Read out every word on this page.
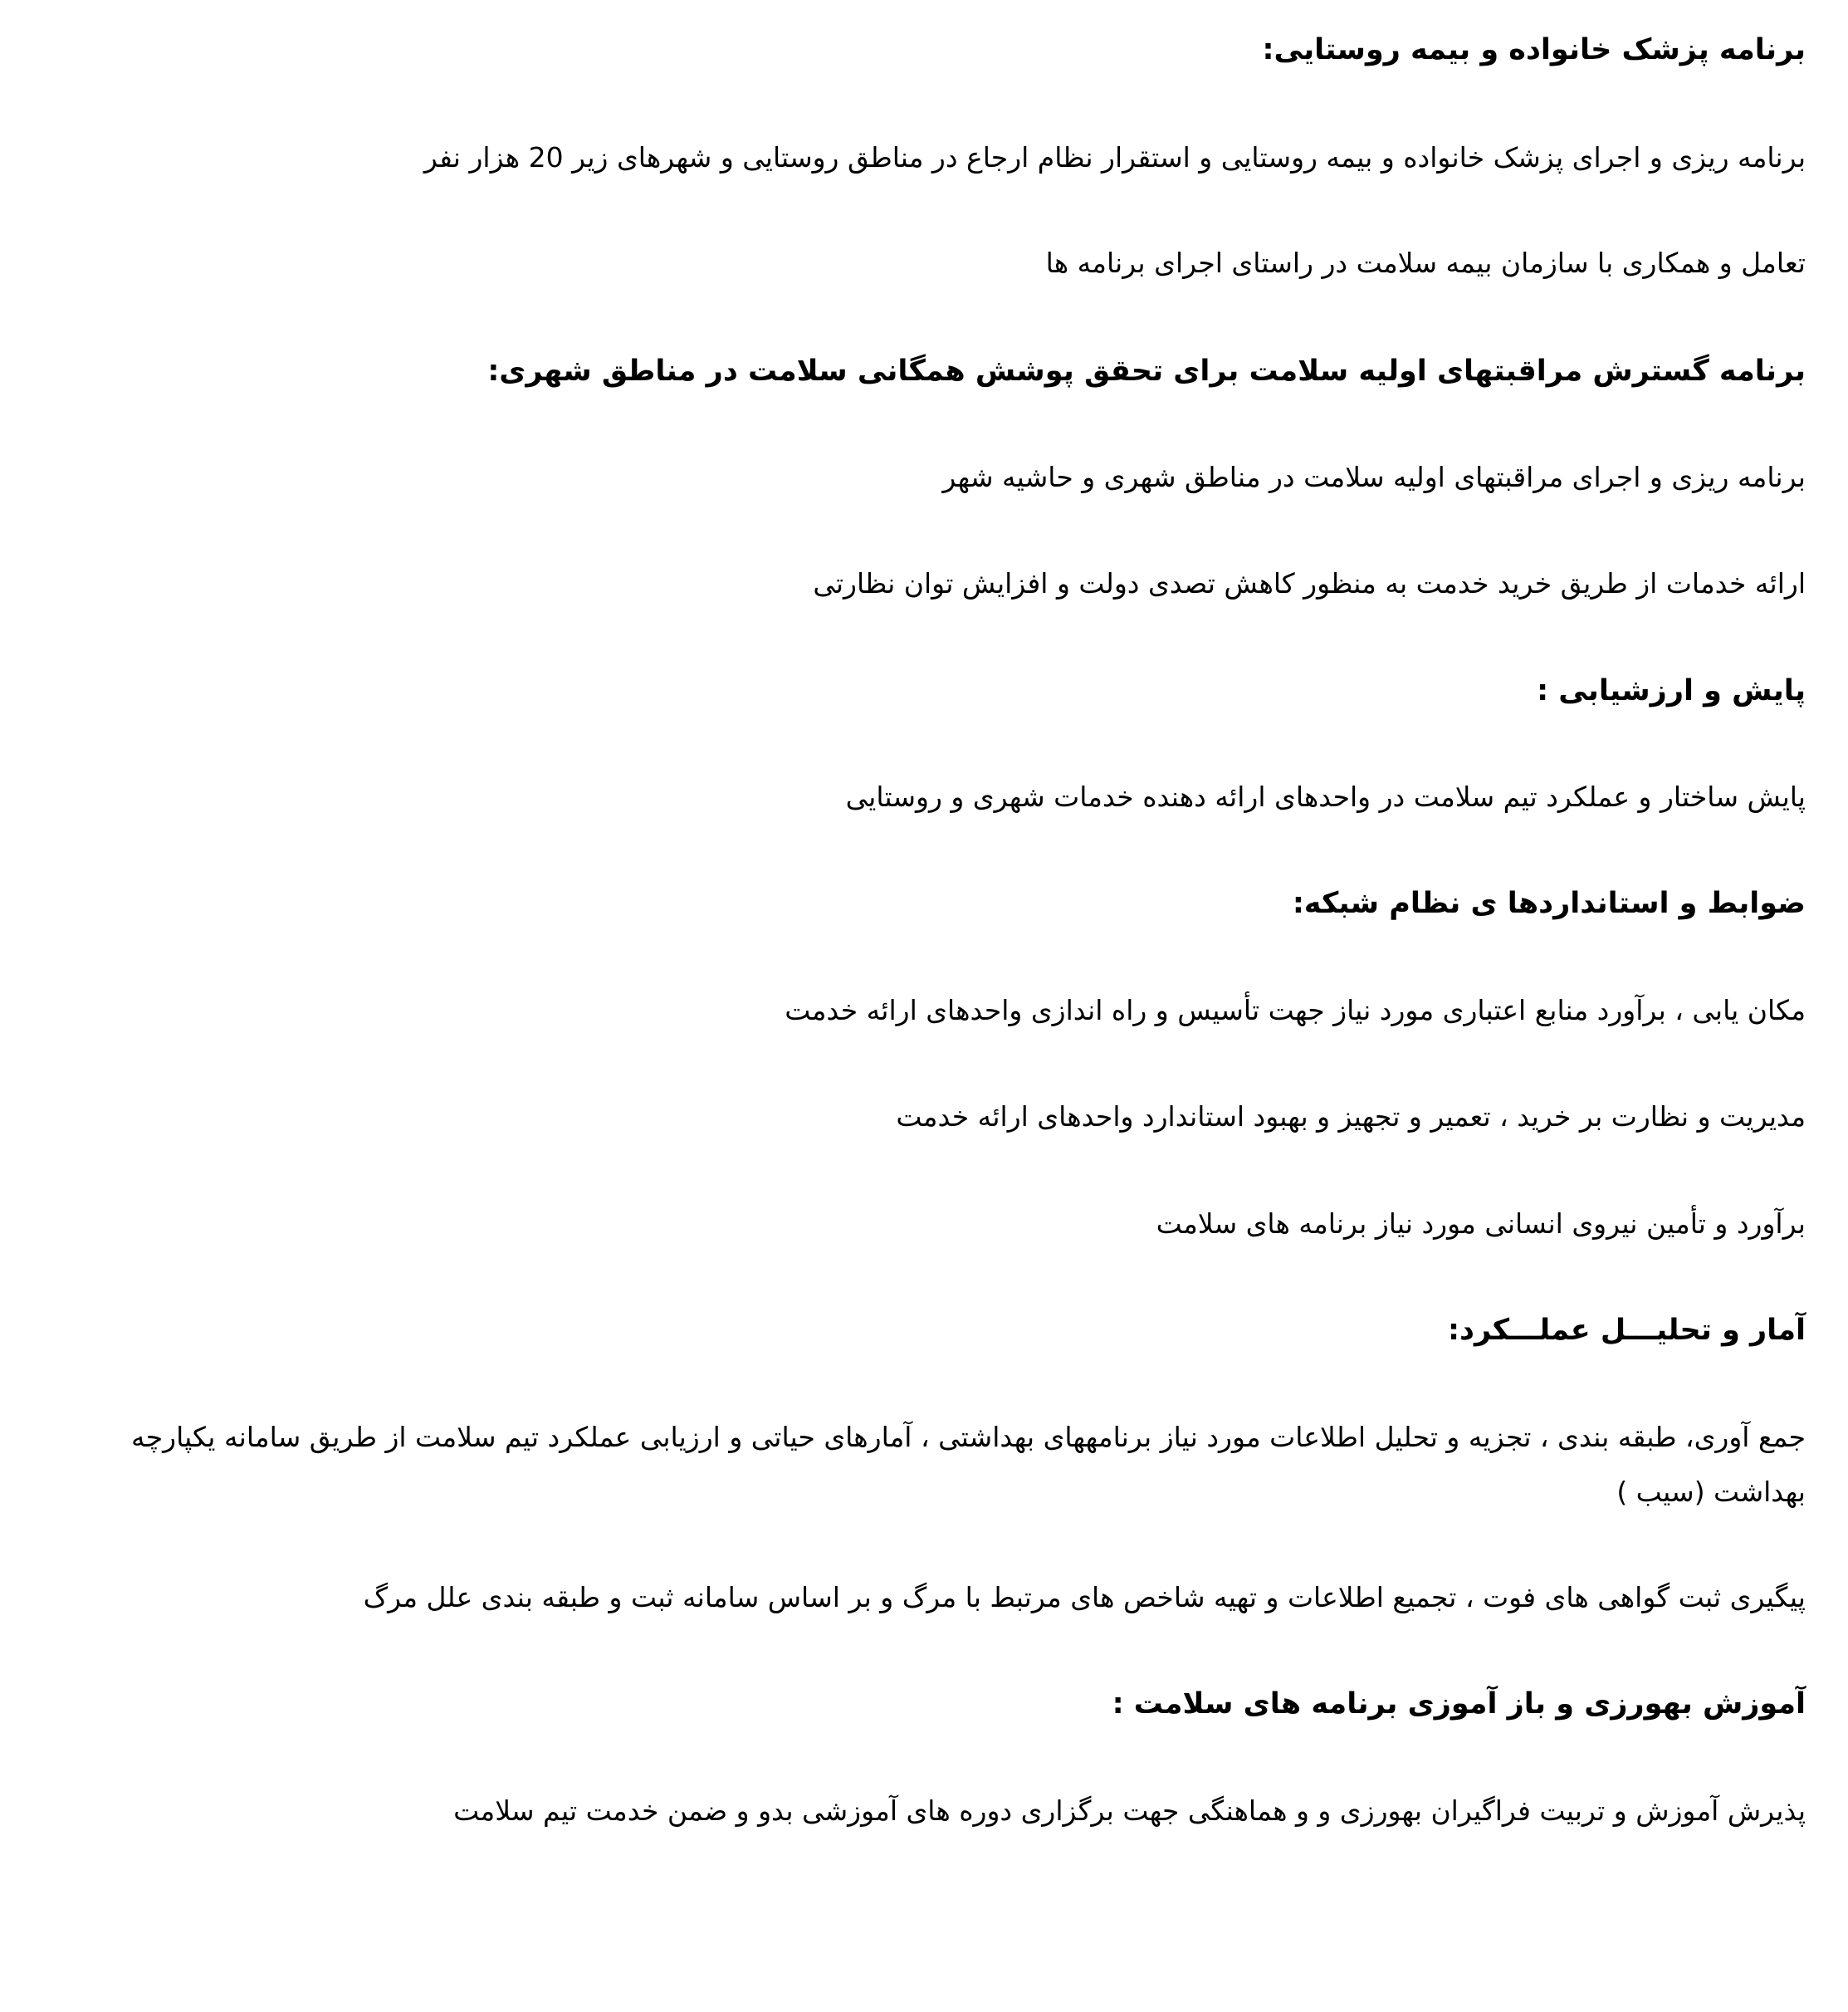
برنامه پزشک خانواده و بیمه روستایی:
برنامه ریزی و اجرای پزشک خانواده و بیمه روستایی و استقرار نظام ارجاع در مناطق روستایی و شهرهای زیر 20 هزار نفر
تعامل و همکاری با سازمان بیمه سلامت در راستای اجرای برنامه ها
برنامه گسترش مراقبتهای اولیه سلامت برای تحقق پوشش همگانی سلامت در مناطق شهری:
برنامه ریزی و اجرای مراقبتهای اولیه سلامت در مناطق شهری و حاشیه شهر
ارائه خدمات از طریق خرید خدمت به منظور کاهش تصدی دولت و افزایش توان نظارتی
پایش و ارزشیابی :
پایش ساختار و عملکرد تیم سلامت در واحدهای ارائه دهنده خدمات شهری و روستایی
ضوابط و استانداردها ی نظام شبکه:
مکان یابی ، برآورد منابع اعتباری مورد نیاز جهت تأسیس و راه اندازی واحدهای ارائه خدمت
مدیریت و نظارت بر خرید ، تعمیر و تجهیز و بهبود استاندارد واحدهای ارائه خدمت
برآورد و تأمین نیروی انسانی مورد نیاز برنامه های سلامت
آمار و تحلیـــل عملـــکرد:
جمع آوری، طبقه بندی ، تجزیه و تحلیل اطلاعات مورد نیاز برنامههای بهداشتی ، آمارهای حیاتی و ارزیابی عملکرد تیم سلامت از طریق سامانه یکپارچه بهداشت (سیب )
پیگیری ثبت گواهی های فوت ، تجمیع اطلاعات و تهیه شاخص های مرتبط با مرگ و بر اساس سامانه ثبت و طبقه بندی علل مرگ
آموزش بهورزی و باز آموزی برنامه های سلامت :
پذیرش آموزش و تربیت فراگیران بهورزی و و هماهنگی جهت برگزاری دوره های آموزشی بدو و ضمن خدمت تیم سلامت
